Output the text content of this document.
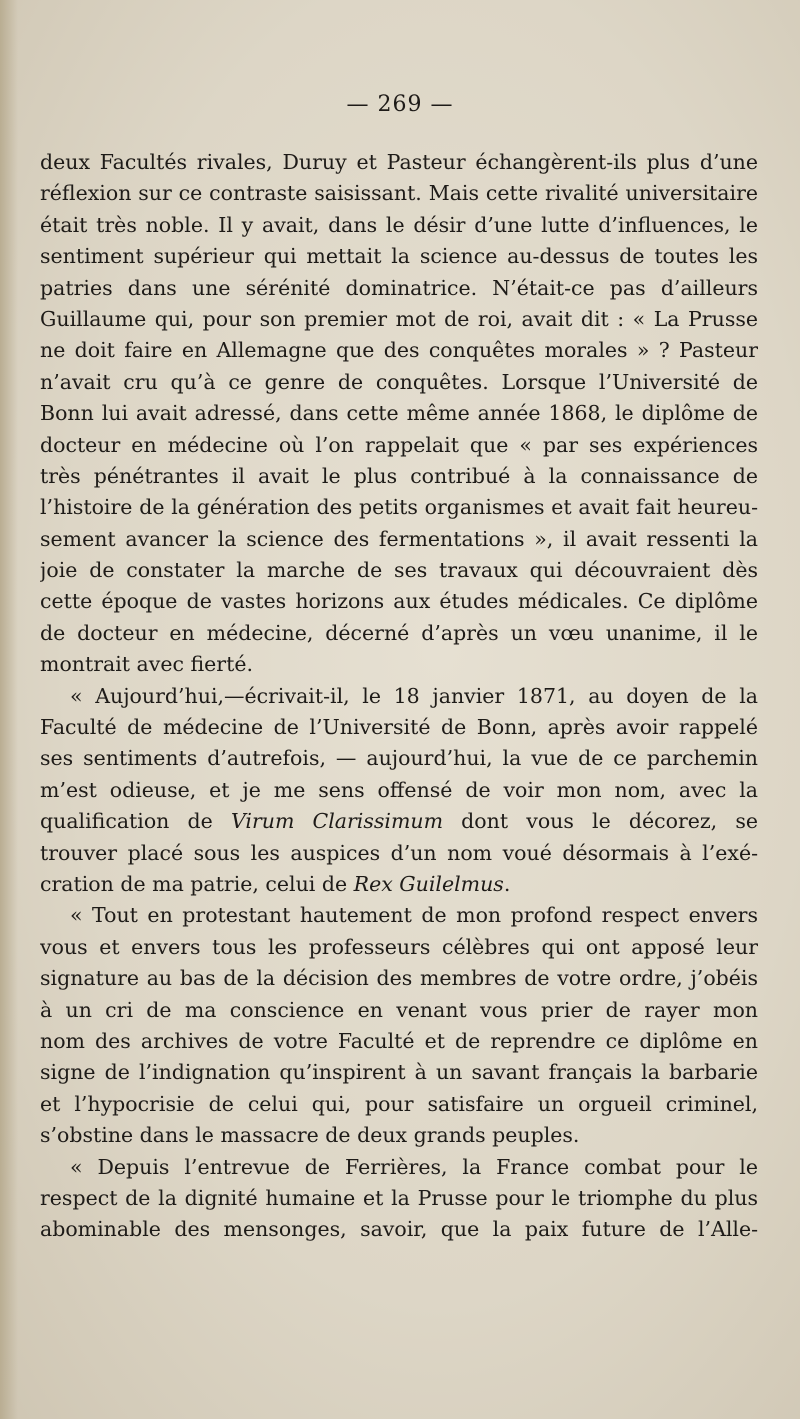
— 269 —
deux Facultés rivales, Duruy et Pasteur échangèrent-ils plus d’une
réflexion sur ce contraste saisissant. Mais cette rivalité universitaire
était très noble. Il y avait, dans le désir d’une lutte d’influences, le
sentiment supérieur qui mettait la science au-dessus de toutes les
patries dans une sérénité dominatrice. N’était-ce pas d’ailleurs
Guillaume qui, pour son premier mot de roi, avait dit : « La Prusse
ne doit faire en Allemagne que des conquêtes morales » ? Pasteur
n’avait cru qu’à ce genre de conquêtes. Lorsque l’Université de
Bonn lui avait adressé, dans cette même année 1868, le diplôme de
docteur en médecine où l’on rappelait que « par ses expériences
très pénétrantes il avait le plus contribué à la connaissance de
l’histoire de la génération des petits organismes et avait fait heureu-
sement avancer la science des fermentations », il avait ressenti la
joie de constater la marche de ses travaux qui découvraient dès
cette époque de vastes horizons aux études médicales. Ce diplôme
de docteur en médecine, décerné d’après un vœu unanime, il le
montrait avec fierté.
« Aujourd’hui,—écrivait-il, le 18 janvier 1871, au doyen de la
Faculté de médecine de l’Université de Bonn, après avoir rappelé
ses sentiments d’autrefois, — aujourd’hui, la vue de ce parchemin
m’est odieuse, et je me sens offensé de voir mon nom, avec la
qualification de Virum Clarissimum dont vous le décorez, se
trouver placé sous les auspices d’un nom voué désormais à l’exé-
cration de ma patrie, celui de Rex Guilelmus.
« Tout en protestant hautement de mon profond respect envers
vous et envers tous les professeurs célèbres qui ont apposé leur
signature au bas de la décision des membres de votre ordre, j’obéis
à un cri de ma conscience en venant vous prier de rayer mon
nom des archives de votre Faculté et de reprendre ce diplôme en
signe de l’indignation qu’inspirent à un savant français la barbarie
et l’hypocrisie de celui qui, pour satisfaire un orgueil criminel,
s’obstine dans le massacre de deux grands peuples.
« Depuis l’entrevue de Ferrières, la France combat pour le
respect de la dignité humaine et la Prusse pour le triomphe du plus
abominable des mensonges, savoir, que la paix future de l’Alle-
